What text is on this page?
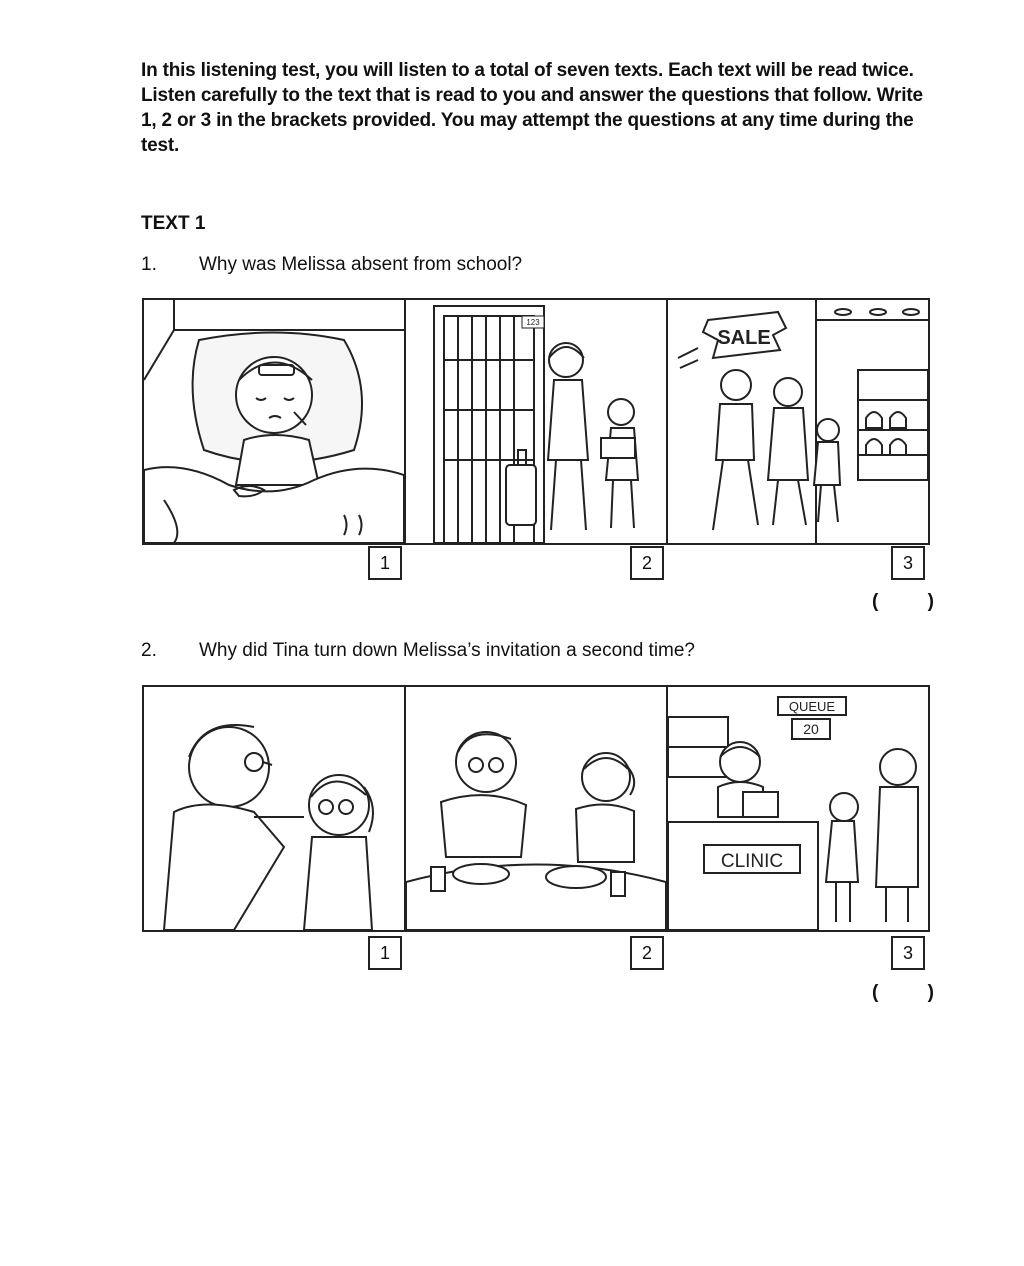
In this listening test, you will listen to a total of seven texts. Each text will be read twice. Listen carefully to the text that is read to you and answer the questions that follow. Write 1, 2 or 3 in the brackets provided. You may attempt the questions at any time during the test.
TEXT 1
1. Why was Melissa absent from school?
123
SALE
1	2	3
(	)
2. Why did Tina turn down Melissa’s invitation a second time?
QUEUE
20
CLINIC
1	2	3
(	)
